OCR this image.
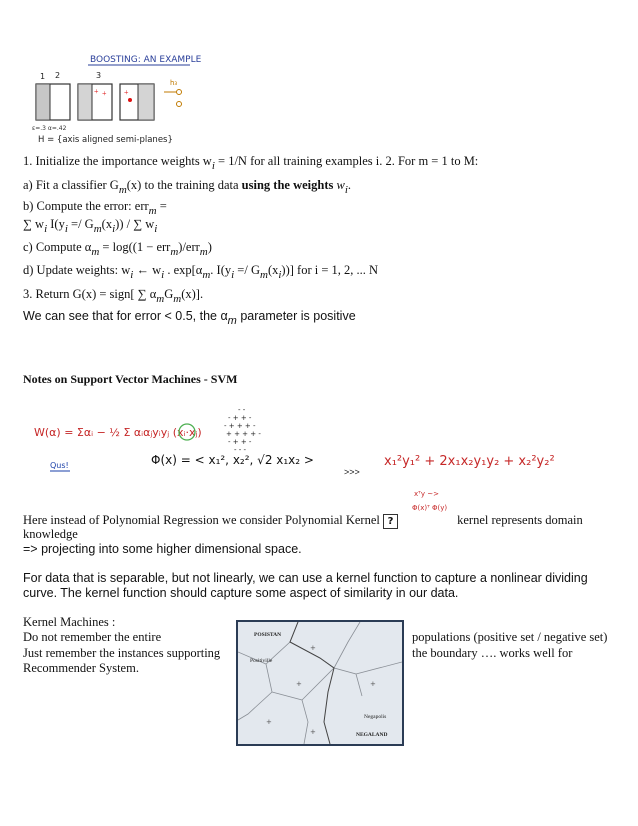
BOOSTING: AN EXAMPLE
1 2	3
h₃
+ + +
ε=.3 α=.42
H = {axis aligned semi-planes}
1. Initialize the importance weights wi = 1/N for all training examples i. 2. For m = 1 to M:
a) Fit a classifier Gm(x) to the training data using the weights wi.
b) Compute the error: errm =
∑ wi I(yi =/ Gm(xi)) / ∑ wi
c) Compute αm = log((1 − errm)/errm)
d) Update weights: wi ← wi . exp[αm. I(yi =/ Gm(xi))] for i = 1, 2, ... N
3. Return G(x) = sign[ ∑ αmGm(x)].
We can see that for error < 0.5, the αm parameter is positive
Notes on Support Vector Machines - SVM
W(α) = Σαᵢ − ½ Σ αᵢαⱼyᵢyⱼ (xᵢ·xⱼ)
Qus!
- -
- + + -
- + + + -
+ + + + -
- + + -
- - -
Φ(x) = < x₁², x₂², √2 x₁x₂ >
>>>
x₁²y₁² + 2x₁x₂y₁y₂ + x₂²y₂²
xᵀy ~>
Φ(x)ᵀ Φ(y)
Here instead of Polynomial Regression we consider Polynomial Kernel ?	kernel represents domain
knowledge
=> projecting into some higher dimensional space.
For data that is separable, but not linearly, we can use a kernel function to capture a nonlinear dividing curve. The kernel function should capture some aspect of similarity in our data.
Kernel Machines :
Do not remember the entire
Just remember the instances supporting
Recommender System.
populations (positive set / negative set)
the boundary …. works well for
+
+
+
+
+
POSISTAN
Positiville
Negapolis
NEGALAND
